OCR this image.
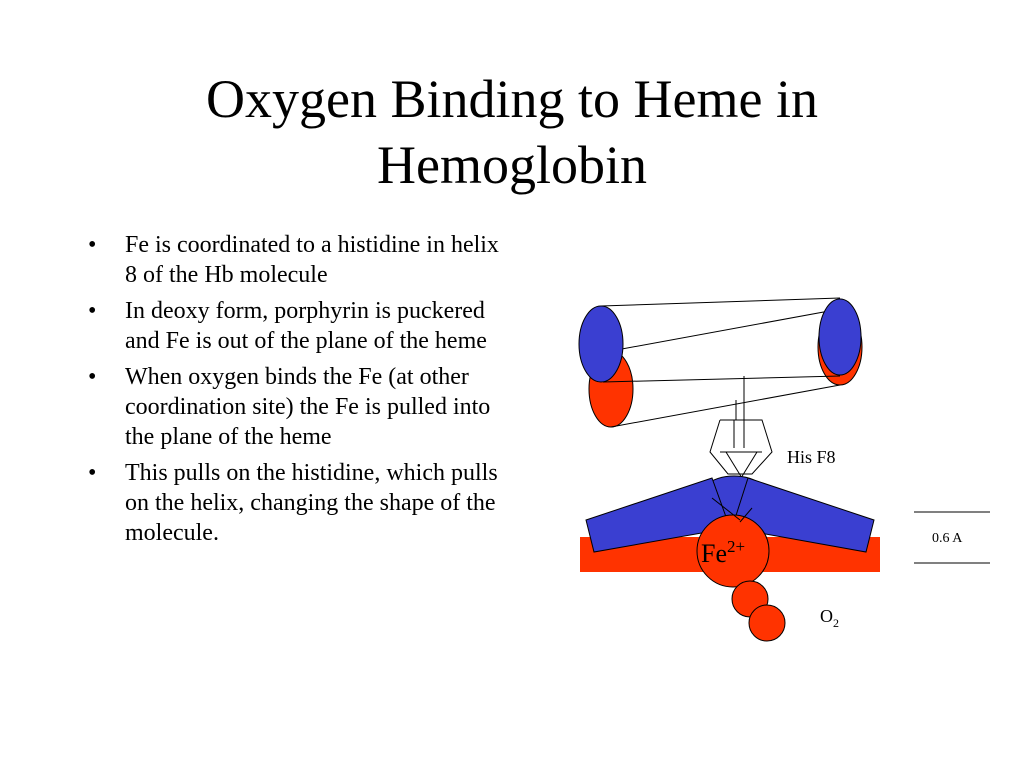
Oxygen Binding to Heme in Hemoglobin
• Fe is coordinated to a histidine in helix 8 of the Hb molecule
• In deoxy form, porphyrin is puckered and Fe is out of the plane of the heme
• When oxygen binds the Fe (at other coordination site) the Fe is pulled into the plane of the heme
• This pulls on the histidine, which pulls on the helix, changing the shape of the molecule.
$Fe^{2+}$
His F8
$O_2$
0.6 A
